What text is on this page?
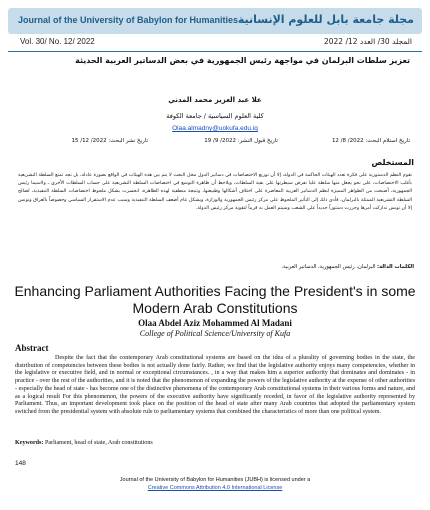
Journal of the University of Babylon for Humanities مجلة جامعة بابل للعلوم الإنسانية
Vol. 30/ No. 12/ 2022	المجلد 30/ العدد 12/ 2022
تعزيز سلطات البرلمان في مواجهة رئيس الجمهورية في بعض الدساتير العربية الحديثة
علا عبد العزيز محمد المدني
كلية العلوم السياسية / جامعة الكوفة
Olaa.almadny@uokufa.edu.iq
تاريخ استلام البحث: 2022/ 8/ 12
تاريخ قبول النشر: 2022/ 9/ 19
تاريخ نشر البحث: 2022/ 12/ 15
المستخلص
تقوم النظم الدستورية على فكرة تعدد الهيئات الحاكمة في الدولة، إلا أن توزيع الاختصاصات في دساتير الدول محل البحث لا يتم بين هذه الهيئات في الواقع بصورة عادلة، بل نجد تمتع السلطة التشريعية بأغلب الاختصاصات، على نحو يجعل منها سلطة عليا تفرض سيطرتها على بقية السلطات، ويلاحظ أن ظاهرة التوسع في اختصاصات السلطة التشريعية على حساب السلطات الأخرى ـ ولاسيما رئيس الجمهورية، أصبحت من الظواهر المميزة لنظم الدساتير العربية المعاصرة على اختلاف أشكالها وطبيعتها، وتتيجة منطقية لهذه الظاهرة، انحسرت بشكل ملحوظ اختصاصات السلطة التنفيذية، لصالح السلطة التشريعية الممثلة بالبرلمان، فأدى ذلك إلى التأثير الملحوظ على مركز رئيس الجمهورية والوزارة، وبشكل عام أضعف السلطة التنفيذية وسبب عدم الاستقرار السياسي وخصوصاً بالعراق وتونس إلا أن تونس تداركت أمرها وحررت دستوراً جديداً على الشعب وسيتم العمل به قريباً لتقوية مركز رئيس الدولة.
الكلمات الدالة: البرلمان، رئيس الجمهورية، الدساتير العربية.
Enhancing Parliament Authorities Facing the President's in some Modern Arab Constitutions
Olaa Abdel Aziz Mohammed Al Madani
College of Political Science/University of Kufa
Abstract
Despite the fact that the contemporary Arab constitutional systems are based on the idea of a plurality of governing bodies in the state, the distribution of competencies between these bodies is not actually done fairly. Rather, we find that the legislative authority enjoys many competencies, whether in the legislative or executive field, and in normal or exceptional circumstances. , in a way that makes him a superior authority that dominates and dominates - in practice - over the rest of the authorities, and it is noted that the phenomenon of expanding the powers of the legislative authority at the expense of other authorities - especially the head of state - has become one of the distinctive phenomena of the contemporary Arab constitutional systems in their various forms and nature, and as a logical result For this phenomenon, the powers of the executive authority have significantly receded, in favor of the legislative authority represented by Parliament. Thus, an important development took place on the position of the head of state after many Arab countries that adopted the parliamentary system switched from the presidential system with absolute rule to parliamentary systems that combined the characteristics of more than one political system.
Keywords: Parliament, head of state, Arab constitutions
148
Journal of the University of Babylon for Humanities (JUBH) is licensed under a
Creative Commons Attribution 4.0 International License
